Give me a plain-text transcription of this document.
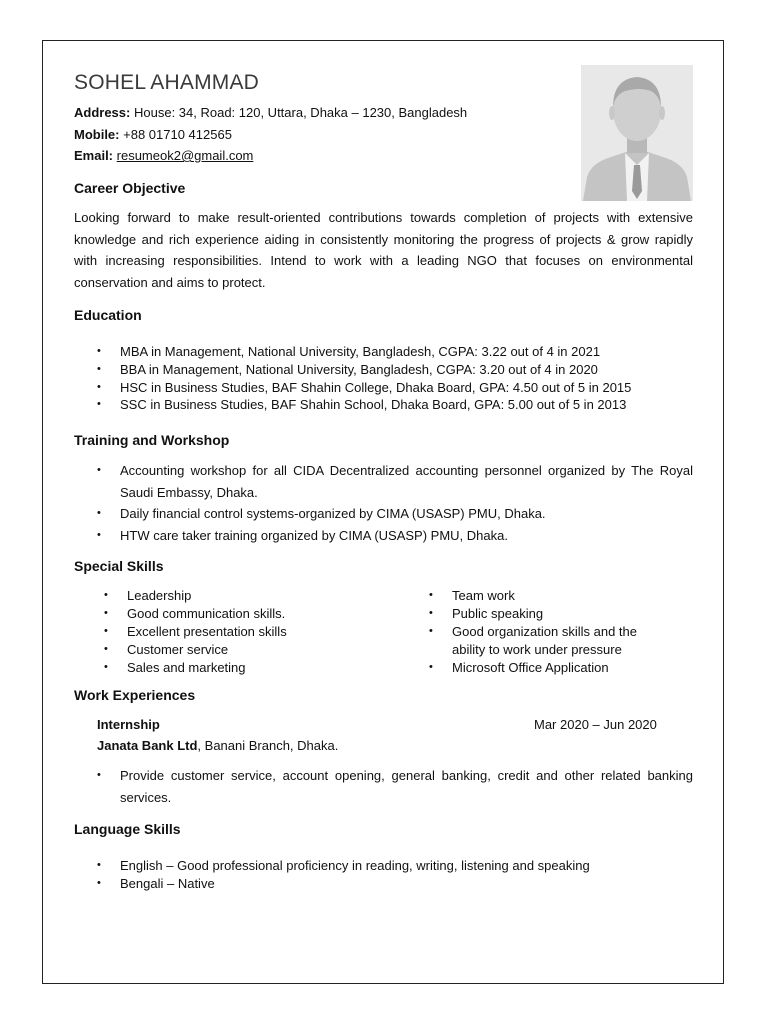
SOHEL AHAMMAD
Address: House: 34, Road: 120, Uttara, Dhaka – 1230, Bangladesh
Mobile: +88 01710 412565
Email: resumeok2@gmail.com
Career Objective
Looking forward to make result-oriented contributions towards completion of projects with extensive knowledge and rich experience aiding in consistently monitoring the progress of projects & grow rapidly with increasing responsibilities. Intend to work with a leading NGO that focuses on environmental conservation and aims to protect.
Education
• MBA in Management, National University, Bangladesh, CGPA: 3.22 out of 4 in 2021
• BBA in Management, National University, Bangladesh, CGPA: 3.20 out of 4 in 2020
• HSC in Business Studies, BAF Shahin College, Dhaka Board, GPA: 4.50 out of 5 in 2015
• SSC in Business Studies, BAF Shahin School, Dhaka Board, GPA: 5.00 out of 5 in 2013
Training and Workshop
• Accounting workshop for all CIDA Decentralized accounting personnel organized by The Royal Saudi Embassy, Dhaka.
• Daily financial control systems-organized by CIMA (USASP) PMU, Dhaka.
• HTW care taker training organized by CIMA (USASP) PMU, Dhaka.
Special Skills
• Leadership
• Good communication skills.
• Excellent presentation skills
• Customer service
• Sales and marketing
• Team work
• Public speaking
• Good organization skills and the ability to work under pressure
• Microsoft Office Application
Work Experiences
Internship	Mar 2020 – Jun 2020
Janata Bank Ltd, Banani Branch, Dhaka.
• Provide customer service, account opening, general banking, credit and other related banking services.
Language Skills
• English – Good professional proficiency in reading, writing, listening and speaking
• Bengali – Native
